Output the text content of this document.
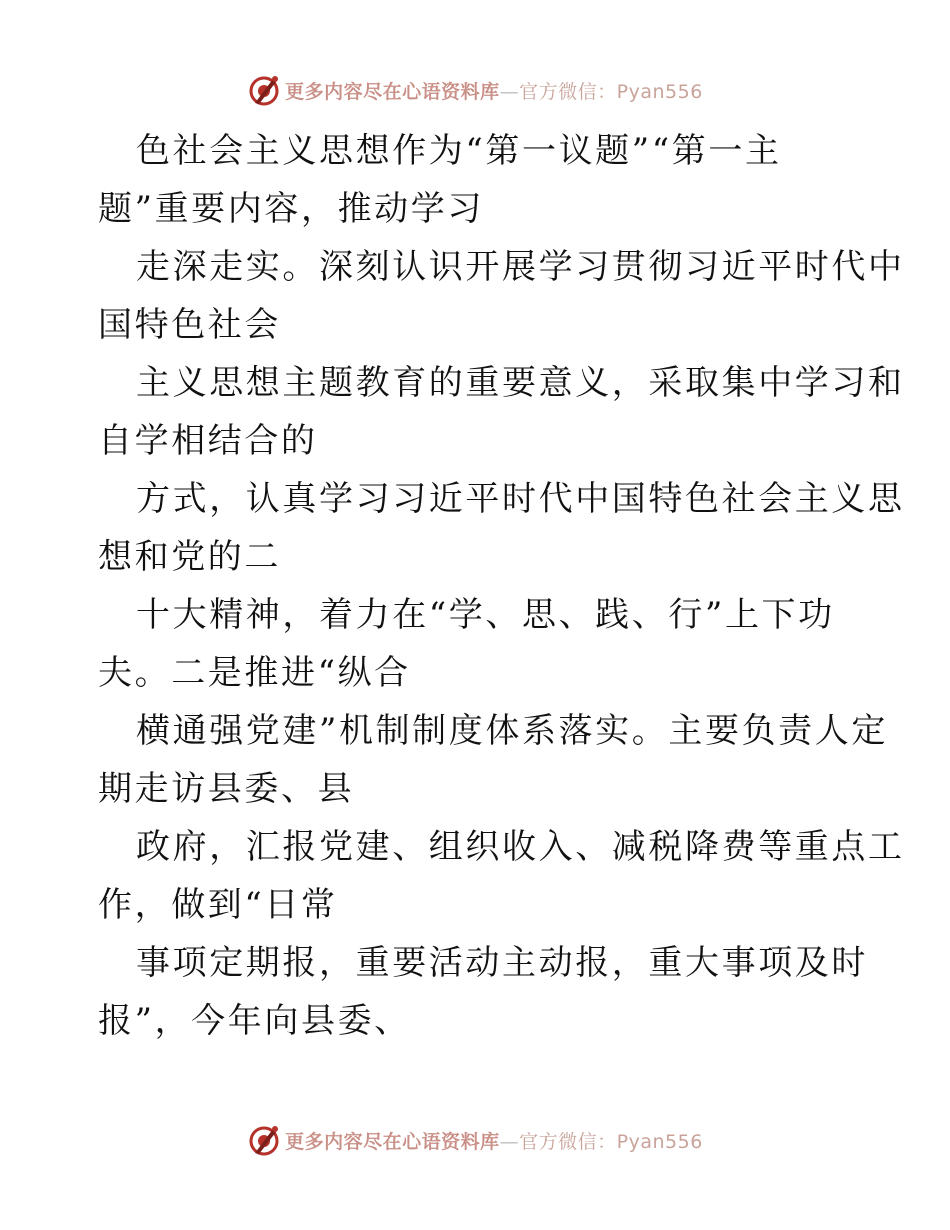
更多内容尽在心语资料库—官方微信：Pyan556
色社会主义思想作为“第一议题”“第一主
题”重要内容，推动学习
走深走实。深刻认识开展学习贯彻习近平时代中
国特色社会
主义思想主题教育的重要意义，采取集中学习和
自学相结合的
方式，认真学习习近平时代中国特色社会主义思
想和党的二
十大精神，着力在“学、思、践、行”上下功
夫。二是推进“纵合
横通强党建”机制制度体系落实。主要负责人定
期走访县委、县
政府，汇报党建、组织收入、减税降费等重点工
作，做到“日常
事项定期报，重要活动主动报，重大事项及时
报”，今年向县委、
更多内容尽在心语资料库—官方微信：Pyan556
